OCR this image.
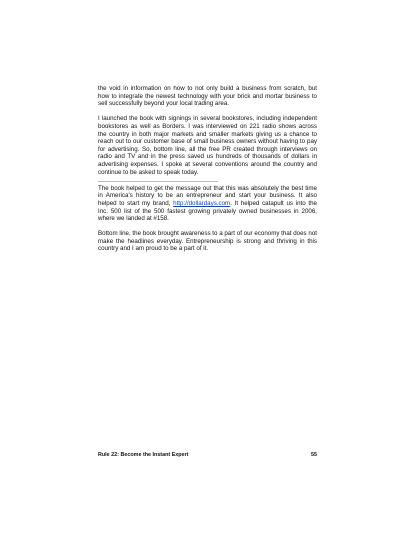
the void in information on how to not only build a business from scratch, but how to integrate the newest technology with your brick and mortar business to sell successfully beyond your local trading area.

I launched the book with signings in several bookstores, including independent bookstores as well as Borders. I was interviewed on 221 radio shows across the country in both major markets and smaller markets giving us a chance to reach out to our customer base of small business owners without having to pay for advertising. So, bottom line, all the free PR created through interviews on radio and TV and in the press saved us hundreds of thousands of dollars in advertising expenses. I spoke at several conventions around the country and continue to be asked to speak today.

The book helped to get the message out that this was absolutely the best time in America's history to be an entrepreneur and start your business. It also helped to start my brand, http://dollardays.com. It helped catapult us into the Inc. 500 list of the 500 fastest growing privately owned businesses in 2006, where we landed at #158.

Bottom line, the book brought awareness to a part of our economy that does not make the headlines everyday. Entrepreneurship is strong and thriving in this country and I am proud to be a part of it.

Rule 22: Become the Instant Expert	55
